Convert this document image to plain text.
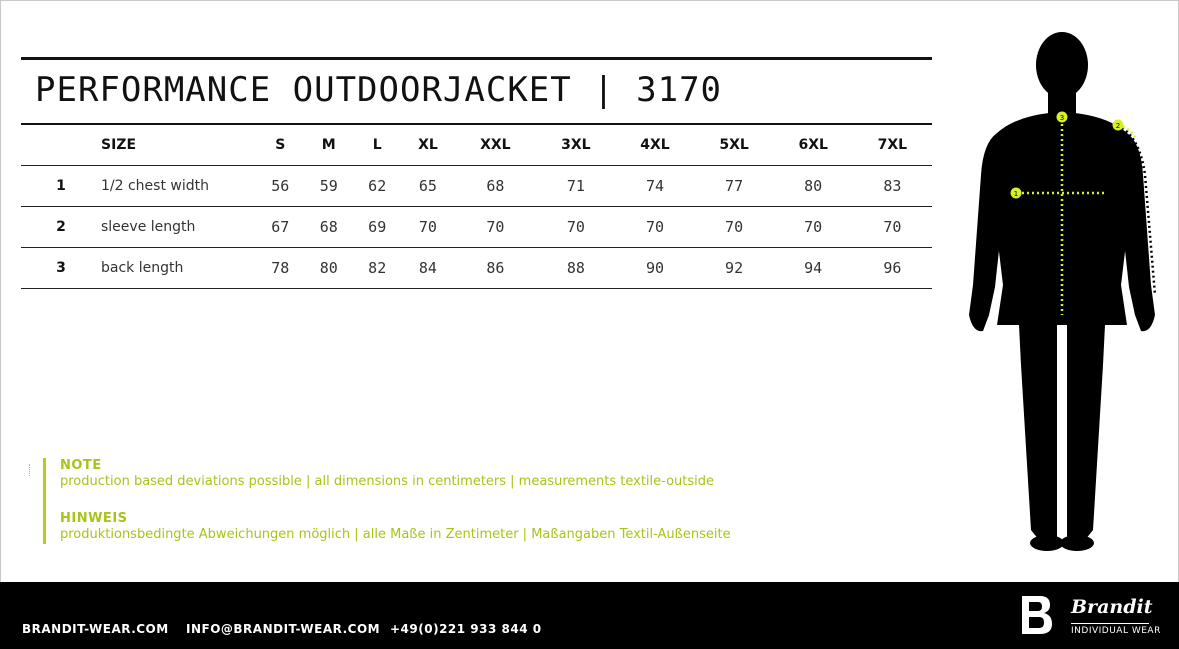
PERFORMANCE OUTDOORJACKET | 3170
	SIZE	S	M	L	XL	XXL	3XL	4XL	5XL	6XL	7XL
1	1/2 chest width	56	59	62	65	68	71	74	77	80	83
2	sleeve length	67	68	69	70	70	70	70	70	70	70
3	back length	78	80	82	84	86	88	90	92	94	96
NOTE
production based deviations possible | all dimensions in centimeters | measurements textile-outside
HINWEIS
produktionsbedingte Abweichungen möglich | alle Maße in Zentimeter | Maßangaben Textil-Außenseite
1
2
3
BRANDIT-WEAR.COM INFO@BRANDIT-WEAR.COM +49(0)221 933 844 0
Brandit
INDIVIDUAL WEAR
